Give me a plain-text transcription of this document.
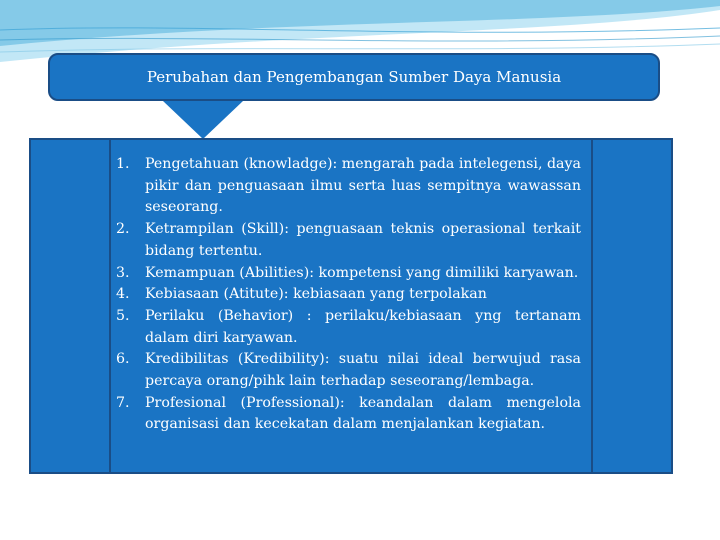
Perubahan dan Pengembangan Sumber Daya Manusia
1. Pengetahuan (knowladge): mengarah pada intelegensi, daya pikir dan penguasaan ilmu serta luas sempitnya wawassan seseorang.
2. Ketrampilan (Skill): penguasaan teknis operasional terkait bidang tertentu.
3. Kemampuan (Abilities): kompetensi yang dimiliki karyawan.
4. Kebiasaan (Atitute): kebiasaan yang terpolakan
5. Perilaku (Behavior) : perilaku/kebiasaan yng tertanam dalam diri karyawan.
6. Kredibilitas (Kredibility): suatu nilai ideal berwujud rasa percaya orang/pihk lain terhadap seseorang/lembaga.
7. Profesional (Professional): keandalan dalam mengelola organisasi dan kecekatan dalam menjalankan kegiatan.
